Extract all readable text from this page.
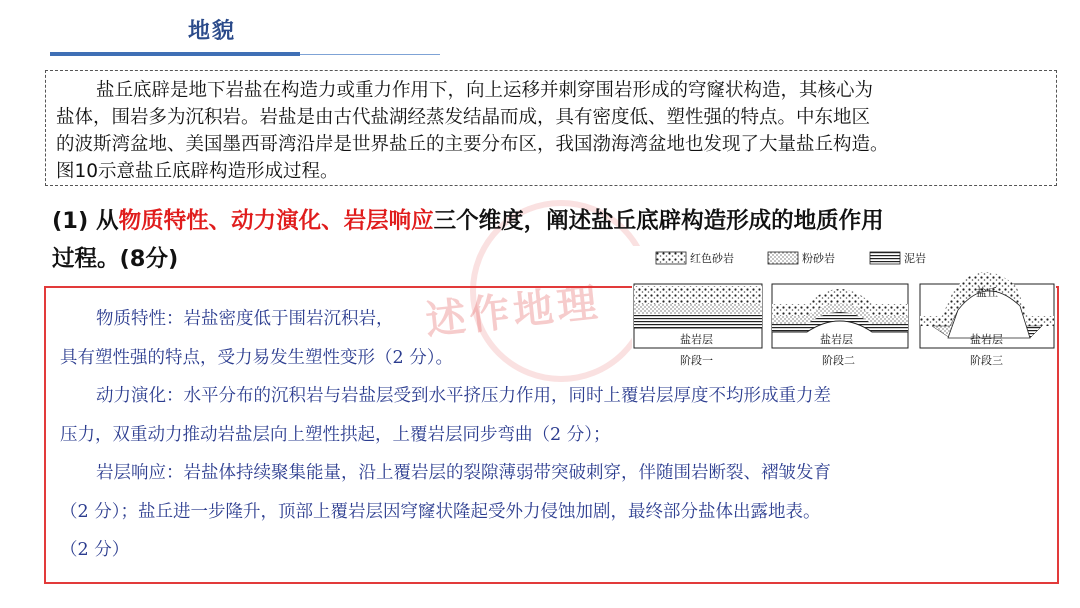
地貌
盐丘底辟是地下岩盐在构造力或重力作用下，向上运移并刺穿围岩形成的穹窿状构造，其核心为
盐体，围岩多为沉积岩。岩盐是由古代盐湖经蒸发结晶而成，具有密度低、塑性强的特点。中东地区
的波斯湾盆地、美国墨西哥湾沿岸是世界盐丘的主要分布区，我国渤海湾盆地也发现了大量盐丘构造。
图10示意盐丘底辟构造形成过程。
述作地理
(1) 从物质特性、动力演化、岩层响应三个维度，阐述盐丘底辟构造形成的地质作用
过程。(8分)
物质特性：岩盐密度低于围岩沉积岩，
具有塑性强的特点，受力易发生塑性变形（2 分）。
动力演化：水平分布的沉积岩与岩盐层受到水平挤压力作用，同时上覆岩层厚度不均形成重力差
压力，双重动力推动岩盐层向上塑性拱起，上覆岩层同步弯曲（2 分）；
岩层响应：岩盐体持续聚集能量，沿上覆岩层的裂隙薄弱带突破刺穿，伴随围岩断裂、褶皱发育
（2 分）；盐丘进一步隆升，顶部上覆岩层因穹窿状隆起受外力侵蚀加剧，最终部分盐体出露地表。
（2 分）
红色砂岩	粉砂岩	泥岩
盐岩层
阶段一
盐岩层
阶段二
盐丘
盐岩层
阶段三
